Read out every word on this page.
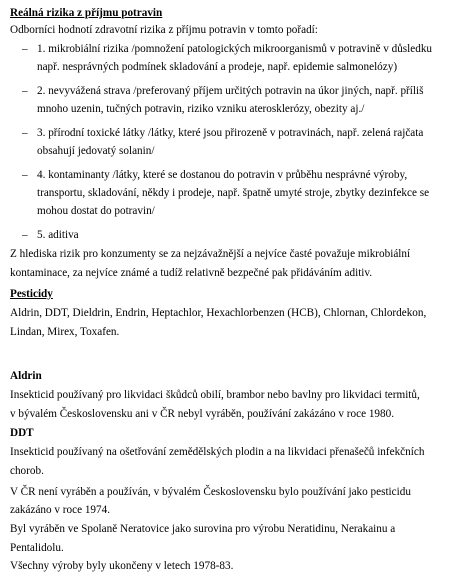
Reálná rizika z příjmu potravin
Odborníci hodnotí zdravotní rizika z příjmu potravin v tomto pořadí:
– 1. mikrobiální rizika /pomnožení patologických mikroorganismů v potravině v důsledku
např. nesprávných podmínek skladování a prodeje, např. epidemie salmonelózy)
– 2. nevyvážená strava /preferovaný příjem určitých potravin na úkor jiných, např. příliš
mnoho uzenin, tučných potravin, riziko vzniku aterosklerózy, obezity aj./
– 3. přírodní toxické látky /látky, které jsou přirozeně v potravinách, např. zelená rajčata
obsahují jedovatý solanin/
– 4. kontaminanty /látky, které se dostanou do potravin v průběhu nesprávné výroby,
transportu, skladování, někdy i prodeje, např. špatně umyté stroje, zbytky dezinfekce se
mohou dostat do potravin/
– 5. aditiva
Z hlediska rizik pro konzumenty se za nejzávažnější a nejvíce časté považuje mikrobiální
kontaminace, za nejvíce známé a tudíž relativně bezpečné pak přidáváním aditiv.
Pesticidy
Aldrin, DDT, Dieldrin, Endrin, Heptachlor, Hexachlorbenzen (HCB), Chlornan, Chlordekon,
Lindan, Mirex, Toxafen.
Aldrin
Insekticid používaný pro likvidaci škůdců obilí, brambor nebo bavlny pro likvidaci termitů,
v bývalém Československu ani v ČR nebyl vyráběn, používání zakázáno v roce 1980.
DDT
Insekticid používaný na ošetřování zemědělských plodin a na likvidaci přenašečů infekčních
chorob.
V ČR není vyráběn a používán, v bývalém Československu bylo používání jako pesticidu
zakázáno v roce 1974.
Byl vyráběn ve Spolaně Neratovice jako surovina pro výrobu Neratidinu, Nerakainu a
Pentalidolu.
Všechny výroby byly ukončeny v letech 1978-83.
